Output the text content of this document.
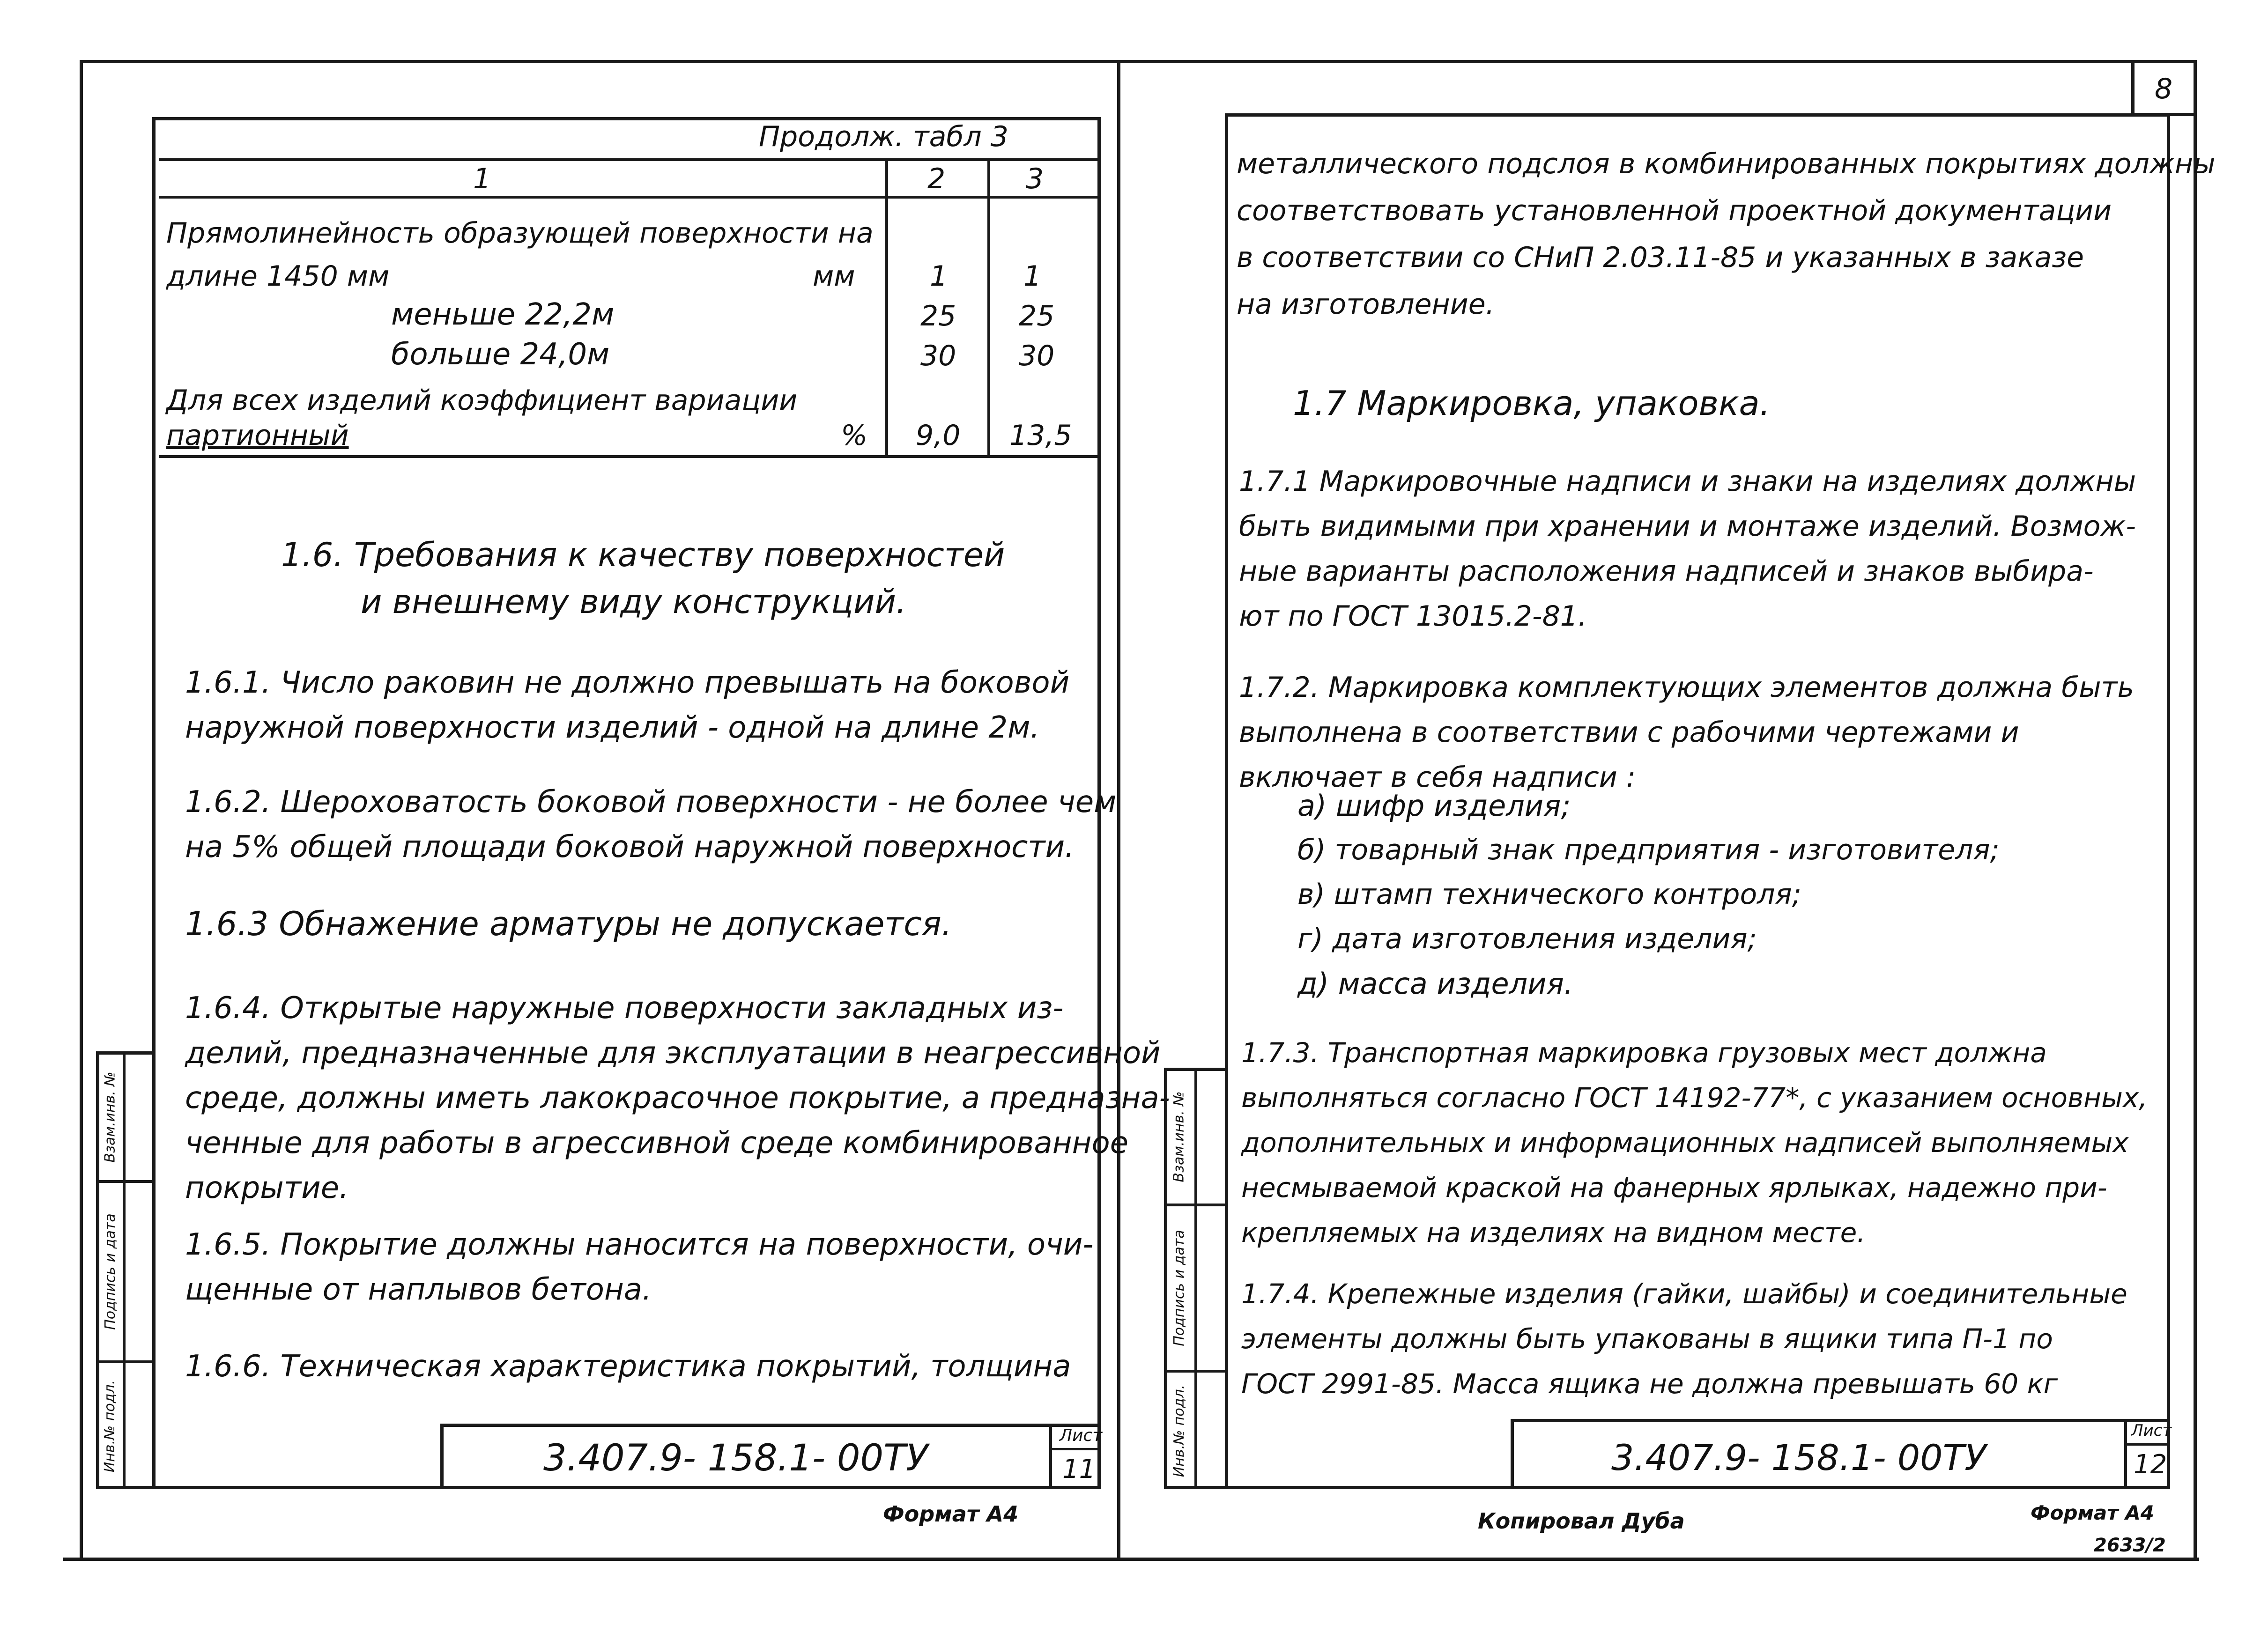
Взам.инв. №
Подпись и дата
Инв.№ подл.
Продолж. табл 3
1	2	3
Прямолинейность образующей поверхности на
длине 1450 мм	мм	1	1
меньше 22,2м	25 25
больше 24,0м	30 30
Для всех изделий коэффициент вариации
партионный	% 9,0 13,5
1.6. Требования к качеству поверхностей
и внешнему виду конструкций.
1.6.1. Число раковин не должно превышать на боковой
наружной поверхности изделий - одной на длине 2м.
1.6.2. Шероховатость боковой поверхности - не более чем
на 5% общей площади боковой наружной поверхности.
1.6.3 Обнажение арматуры не допускается.
1.6.4. Открытые наружные поверхности закладных из-
делий, предназначенные для эксплуатации в неагрессивной
среде, должны иметь лакокрасочное покрытие, а предназна-
ченные для работы в агрессивной среде комбинированное
покрытие.
1.6.5. Покрытие должны наносится на поверхности, очи-
щенные от наплывов бетона.
1.6.6. Техническая характеристика покрытий, толщина
3.407.9- 158.1- 00ТУ
Лист
11
Формат А4
8
Взам.инв. №
Подпись и дата
Инв.№ подл.
металлического подслоя в комбинированных покрытиях должны
соответствовать установленной проектной документации
в соответствии со СНиП 2.03.11-85 и указанных в заказе
на изготовление.
1.7 Маркировка, упаковка.
1.7.1 Маркировочные надписи и знаки на изделиях должны
быть видимыми при хранении и монтаже изделий. Возмож-
ные варианты расположения надписей и знаков выбира-
ют по ГОСТ 13015.2-81.
1.7.2. Маркировка комплектующих элементов должна быть
выполнена в соответствии с рабочими чертежами и
включает в себя надписи :
а) шифр изделия;
б) товарный знак предприятия - изготовителя;
в) штамп технического контроля;
г) дата изготовления изделия;
д) масса изделия.
1.7.3. Транспортная маркировка грузовых мест должна
выполняться согласно ГОСТ 14192-77*, с указанием основных,
дополнительных и информационных надписей выполняемых
несмываемой краской на фанерных ярлыках, надежно при-
крепляемых на изделиях на видном месте.
1.7.4. Крепежные изделия (гайки, шайбы) и соединительные
элементы должны быть упакованы в ящики типа П-1 по
ГОСТ 2991-85. Масса ящика не должна превышать 60 кг
3.407.9- 158.1- 00ТУ
Лист
12
Копировал Дуба	Формат А4
2633/2
